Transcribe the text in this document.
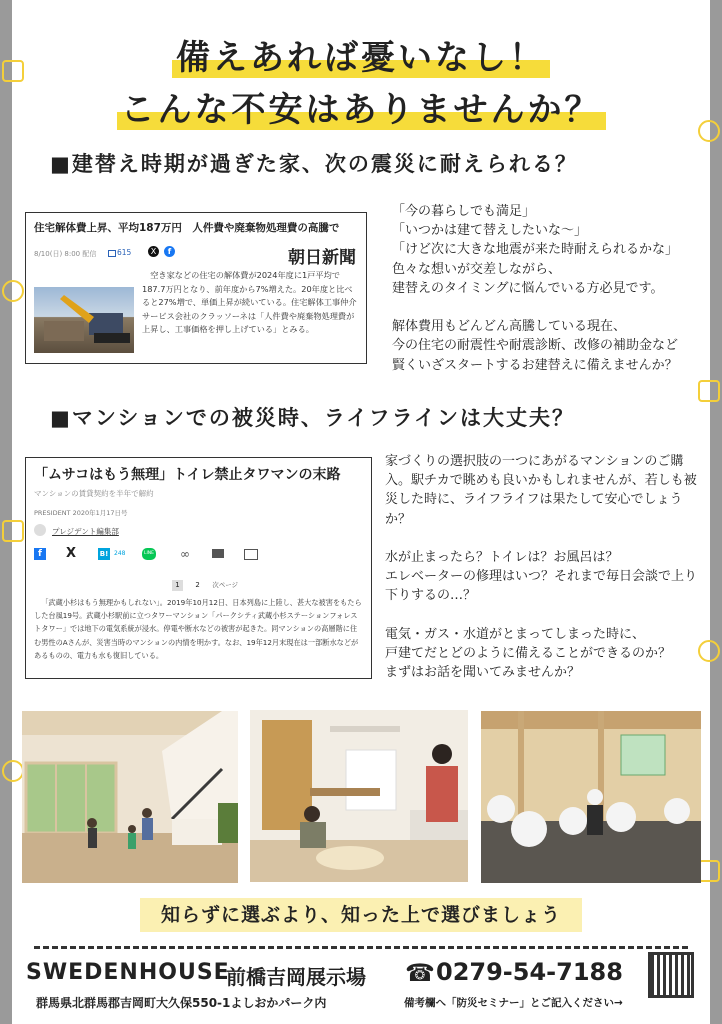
備えあれば憂いなし！
こんな不安はありませんか？
■建替え時期が過ぎた家、次の震災に耐えられる？
住宅解体費上昇、平均187万円　人件費や廃棄物処理費の高騰で
8/10(日) 8:00 配信	615	X	f	朝日新聞
空き家などの住宅の解体費が2024年度に1戸平均で187.7万円となり、前年度から7%増えた。20年度と比べると27%増で、単価上昇が続いている。住宅解体工事仲介サービス会社のクラッソーネは「人件費や廃棄物処理費が上昇し、工事価格を押し上げている」とみる。
「今の暮らしでも満足」
「いつかは建て替えしたいな～」
「けど次に大きな地震が来た時耐えられるかな」
色々な想いが交差しながら、
建替えのタイミングに悩んでいる方必見です。

解体費用もどんどん高騰している現在、
今の住宅の耐震性や耐震診断、改修の補助金など
賢くいざスタートするお建替えに備えませんか？
■マンションでの被災時、ライフラインは大丈夫？
「ムサコはもう無理」トイレ禁止タワマンの末路
マンションの賃貸契約を半年で解約
PRESIDENT 2020年1月17日号
プレジデント編集部
f	X	B! 248	LINE ∞
1 2 次ページ
「武蔵小杉はもう無理かもしれない」。2019年10月12日、日本列島に上陸し、甚大な被害をもたらした台風19号。武蔵小杉駅前に立つタワーマンション「パークシティ武蔵小杉ステーションフォレストタワー」では地下の電気系統が浸水。停電や断水などの被害が起きた。同マンションの高層階に住む男性のAさんが、災害当時のマンションの内情を明かす。なお、19年12月末現在は一部断水などがあるものの、電力も水も復旧している。
家づくりの選択肢の一つにあがるマンションのご購入。駅チカで眺めも良いかもしれませんが、若しも被災した時に、ライフライフは果たして安心でしょうか？

水が止まったら？トイレは？お風呂は？
エレベーターの修理はいつ？それまで毎日会談で上り下りするの…？

電気・ガス・水道がとまってしまった時に、
戸建てだとどのように備えることができるのか？
まずはお話を聞いてみませんか？
知らずに選ぶより、知った上で選びましょう
SWEDENHOUSE
前橋吉岡展示場 ☎ 0279-54-7188
群馬県北群馬郡吉岡町大久保550-1よしおかパーク内	備考欄へ「防災セミナー」とご記入ください→
